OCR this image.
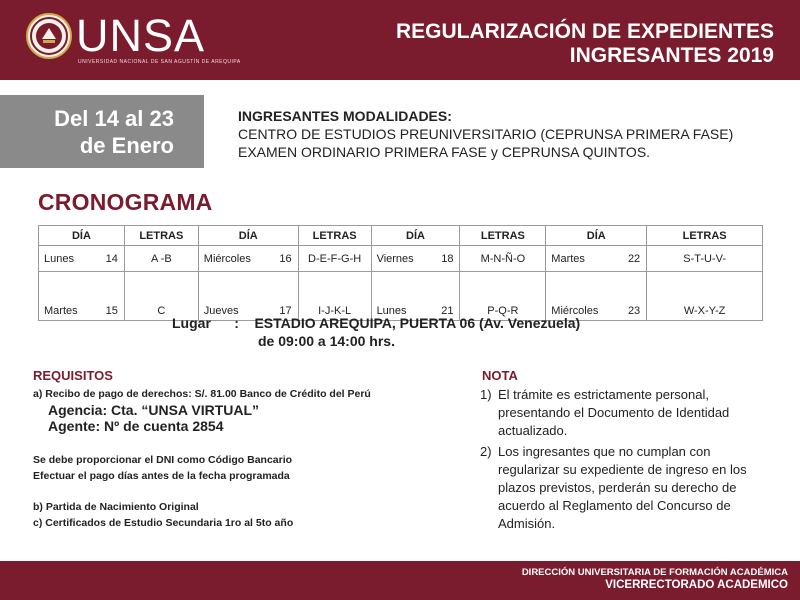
UNSA
UNIVERSIDAD NACIONAL DE SAN AGUSTÍN DE AREQUIPA
REGULARIZACIÓN DE EXPEDIENTES
INGRESANTES 2019
Del 14 al 23
de Enero
INGRESANTES MODALIDADES:
CENTRO DE ESTUDIOS PREUNIVERSITARIO (CEPRUNSA PRIMERA FASE)
EXAMEN ORDINARIO PRIMERA FASE y CEPRUNSA QUINTOS.
CRONOGRAMA
DÍA	LETRAS	DÍA	LETRAS	DÍA	LETRAS	DÍA	LETRAS

Lunes 14	A -B	Miércoles 16	D-E-F-G-H	Viernes 18	M-N-Ñ-O	Martes 22	S-T-U-V-

Martes 15	C	Jueves 17	I-J-K-L	Lunes 21	P-Q-R	Miércoles 23	W-X-Y-Z
Lugar : ESTADIO AREQUIPA, PUERTA 06 (Av. Venezuela)
de 09:00 a 14:00 hrs.
REQUISITOS
a) Recibo de pago de derechos: S/. 81.00 Banco de Crédito del Perú
Agencia: Cta. “UNSA VIRTUAL”
Agente: Nº de cuenta 2854
Se debe proporcionar el DNI como Código Bancario
Efectuar el pago días antes de la fecha programada
b) Partida de Nacimiento Original
c) Certificados de Estudio Secundaria 1ro al 5to año
NOTA
1) El trámite es estrictamente personal, presentando el Documento de Identidad actualizado.
2) Los ingresantes que no cumplan con regularizar su expediente de ingreso en los plazos previstos, perderán su derecho de acuerdo al Reglamento del Concurso de Admisión.
DIRECCIÓN UNIVERSITARIA DE FORMACIÓN ACADÉMICA
VICERRECTORADO ACADEMICO
